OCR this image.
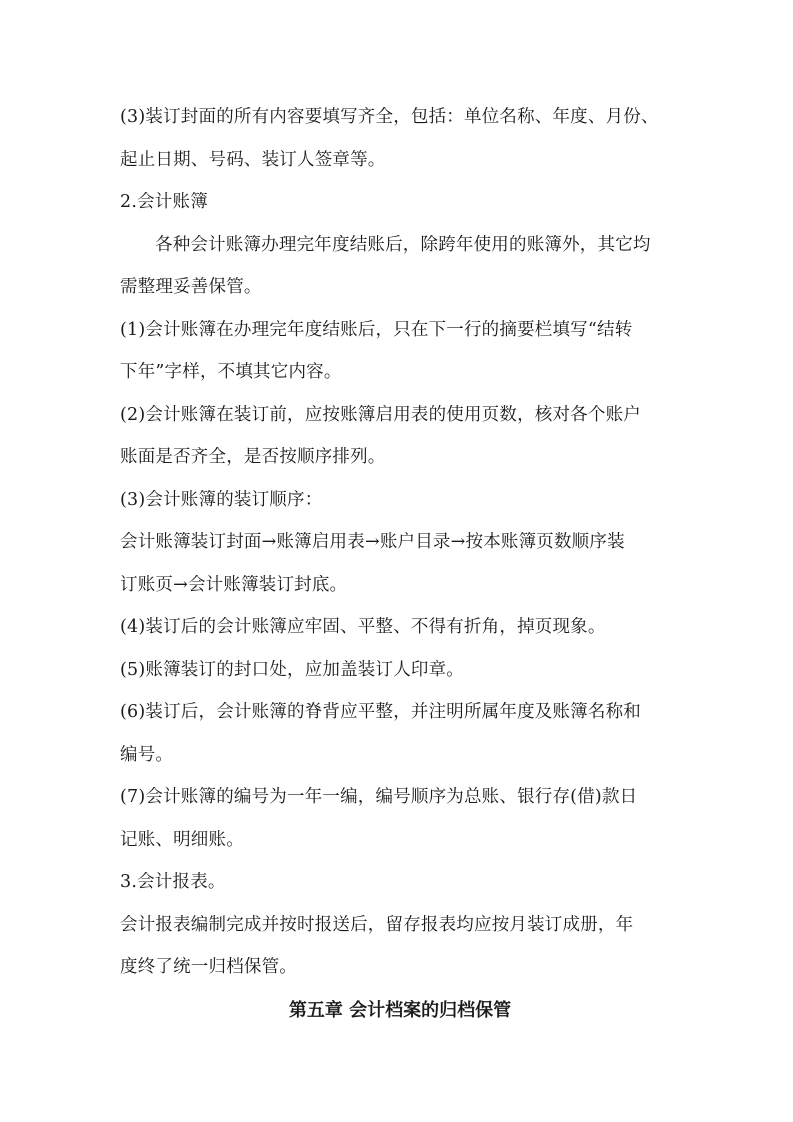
(3)装订封面的所有内容要填写齐全，包括：单位名称、年度、月份、
起止日期、号码、装订人签章等。
2.会计账簿
各种会计账簿办理完年度结账后，除跨年使用的账簿外，其它均
需整理妥善保管。
(1)会计账簿在办理完年度结账后，只在下一行的摘要栏填写“结转
下年”字样，不填其它内容。
(2)会计账簿在装订前，应按账簿启用表的使用页数，核对各个账户
账面是否齐全，是否按顺序排列。
(3)会计账簿的装订顺序：
会计账簿装订封面→账簿启用表→账户目录→按本账簿页数顺序装
订账页→会计账簿装订封底。
(4)装订后的会计账簿应牢固、平整、不得有折角，掉页现象。
(5)账簿装订的封口处，应加盖装订人印章。
(6)装订后，会计账簿的脊背应平整，并注明所属年度及账簿名称和
编号。
(7)会计账簿的编号为一年一编，编号顺序为总账、银行存(借)款日
记账、明细账。
3.会计报表。
会计报表编制完成并按时报送后，留存报表均应按月装订成册，年
度终了统一归档保管。
第五章 会计档案的归档保管
